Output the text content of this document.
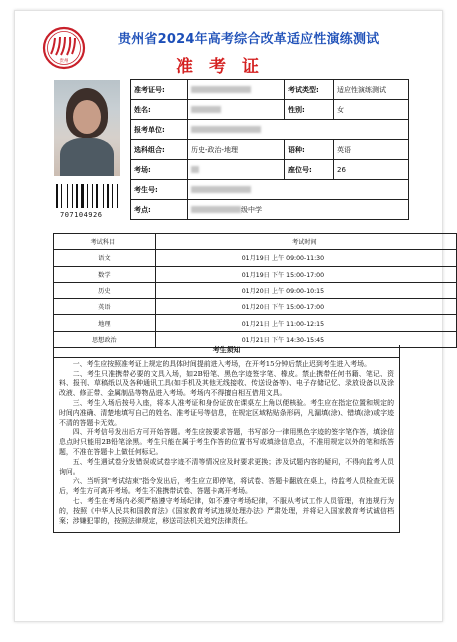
贵州
贵州省2024年高考综合改革适应性演练测试
准考证
707104926
准考证号:		考试类型:	适应性演练测试
姓名:		性别:	女
报考单位:			
选科组合:	历史-政治-地理	语种:	英语
考场:		座位号:	26
考生号:			
考点:	级中学		
考试科目	考试时间
语文	01月19日 上午 09:00-11:30
数学	01月19日 下午 15:00-17:00
历史	01月20日 上午 09:00-10:15
英语	01月20日 下午 15:00-17:00
地理	01月21日 上午 11:00-12:15
思想政治	01月21日 下午 14:30-15:45
考生须知

一、考生应按照准考证上规定的具体时间提前进入考场，在开考15分钟后禁止迟到考生进入考场。

二、考生只准携带必要的文具入场，如2B铅笔、黑色字迹签字笔、橡皮。禁止携带任何书籍、笔记、资料、报刊、草稿纸以及各种通讯工具(如手机及其他无线接收、传送设备等)、电子存储记忆、录放设备以及涂改液、修正带、金属制品等物品进入考场。考场内不得擅自相互借用文具。

三、考生入场后按号入座，将本人准考证和身份证放在课桌左上角以便核验。考生应在指定位置和规定的时间内准确、清楚地填写自己的姓名、准考证号等信息，在规定区域粘贴条形码，凡漏填(涂)、错填(涂)或字迹不清的答题卡无效。

四、开考信号发出后方可开始答题。考生应按要求答题，书写部分一律用黑色字迹的签字笔作答，填涂信息点时只能用2B铅笔涂黑。考生只能在属于考生作答的位置书写或填涂信息点，不准用规定以外的笔和纸答题，不准在答题卡上做任何标记。

五、考生遇试卷分发错误或试卷字迹不清等情况应及时要求更换；涉及试题内容的疑问，不得向监考人员询问。

六、当听到"考试结束"指令发出后，考生应立即停笔，将试卷、答题卡翻放在桌上，待监考人员检查无误后，考生方可离开考场。考生不准携带试卷、答题卡离开考场。

七、考生在考场内必须严格遵守考场纪律，如不遵守考场纪律，不服从考试工作人员管理，有违规行为的，按照《中华人民共和国教育法》《国家教育考试违规处理办法》严肃处理，并将记入国家教育考试诚信档案；涉嫌犯罪的，按照法律规定，移送司法机关追究法律责任。
